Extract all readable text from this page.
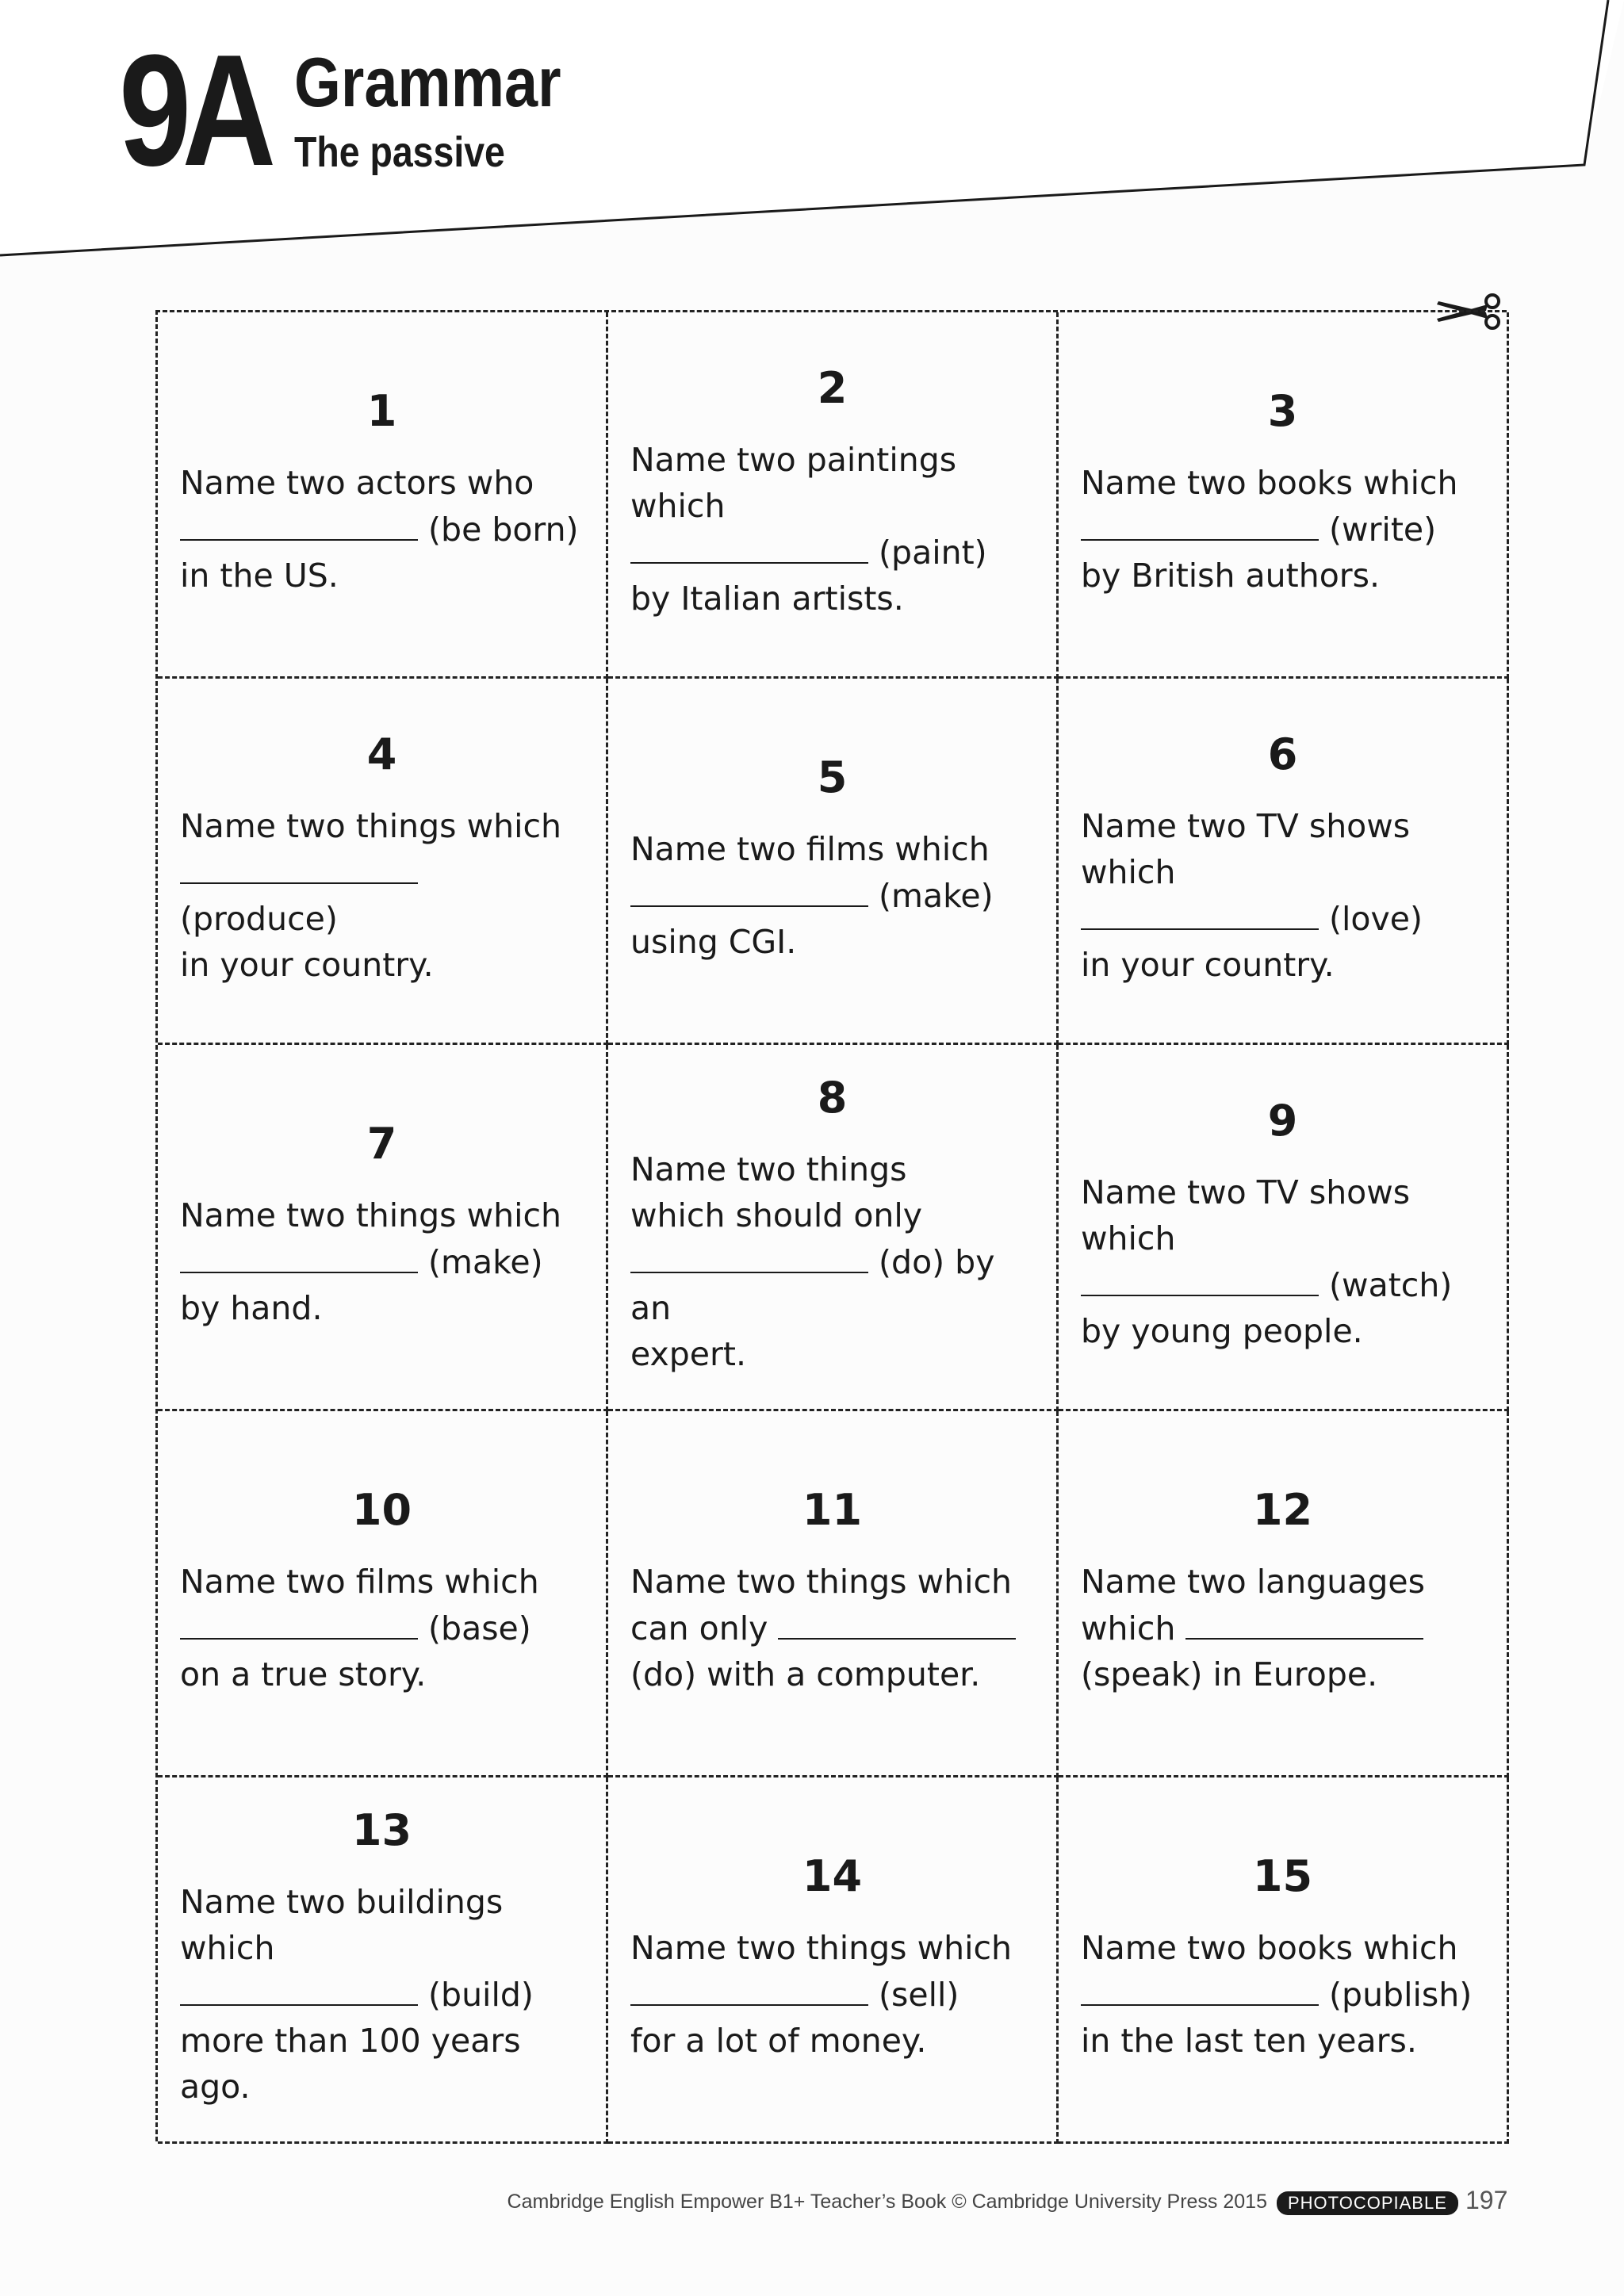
9A Grammar
The passive
1
Name two actors who
(be born)
in the US.
2
Name two paintings which
(paint)
by Italian artists.
3
Name two books which
(write)
by British authors.
4
Name two things which
(produce)
in your country.
5
Name two films which
(make)
using CGI.
6
Name two TV shows which
(love)
in your country.
7
Name two things which
(make)
by hand.
8
Name two things
which should only
(do) by an
expert.
9
Name two TV shows which
(watch)
by young people.
10
Name two films which
(base)
on a true story.
11
Name two things which
can only
(do) with a computer.
12
Name two languages
which
(speak) in Europe.
13
Name two buildings which
(build)
more than 100 years ago.
14
Name two things which
(sell)
for a lot of money.
15
Name two books which
(publish)
in the last ten years.
Cambridge English Empower B1+ Teacher’s Book © Cambridge University Press 2015	PHOTOCOPIABLE 197
